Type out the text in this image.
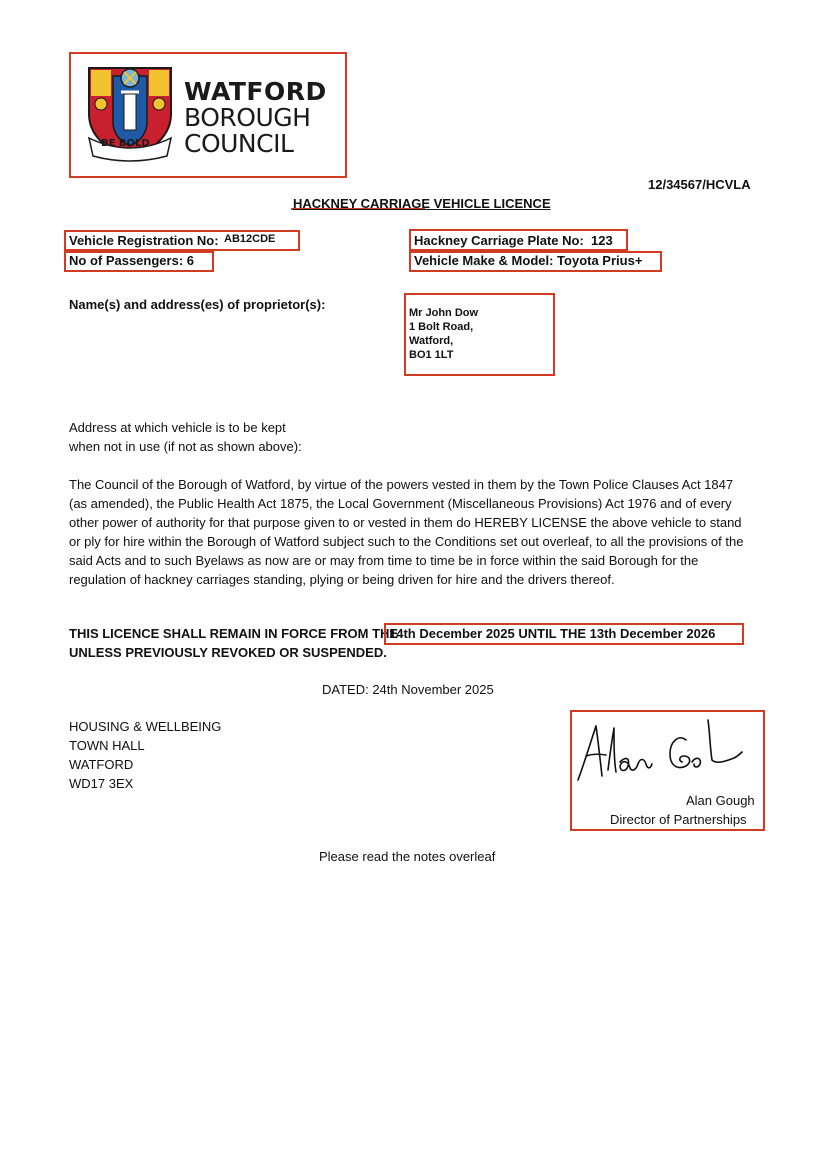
BE BOLD
WATFORD
BOROUGH
COUNCIL
12/34567/HCVLA
HACKNEY CARRIAGE VEHICLE LICENCE
Vehicle Registration No: AB12CDE
No of Passengers: 6
Hackney Carriage Plate No: 123
Vehicle Make & Model: Toyota Prius+
Name(s) and address(es) of proprietor(s):
Mr John Dow
1 Bolt Road,
Watford,
BO1 1LT
Address at which vehicle is to be kept
when not in use (if not as shown above):
The Council of the Borough of Watford, by virtue of the powers vested in them by the Town Police Clauses Act 1847 (as amended), the Public Health Act 1875, the Local Government (Miscellaneous Provisions) Act 1976 and of every other power of authority for that purpose given to or vested in them do HEREBY LICENSE the above vehicle to stand or ply for hire within the Borough of Watford subject such to the Conditions set out overleaf, to all the provisions of the said Acts and to such Byelaws as now are or may from time to time be in force within the said Borough for the regulation of hackney carriages standing, plying or being driven for hire and the drivers thereof.
THIS LICENCE SHALL REMAIN IN FORCE FROM THE
14th December 2025 UNTIL THE 13th December 2026
UNLESS PREVIOUSLY REVOKED OR SUSPENDED.
DATED: 24th November 2025
HOUSING & WELLBEING
TOWN HALL
WATFORD
WD17 3EX
Alan Gough
Director of Partnerships
Please read the notes overleaf
